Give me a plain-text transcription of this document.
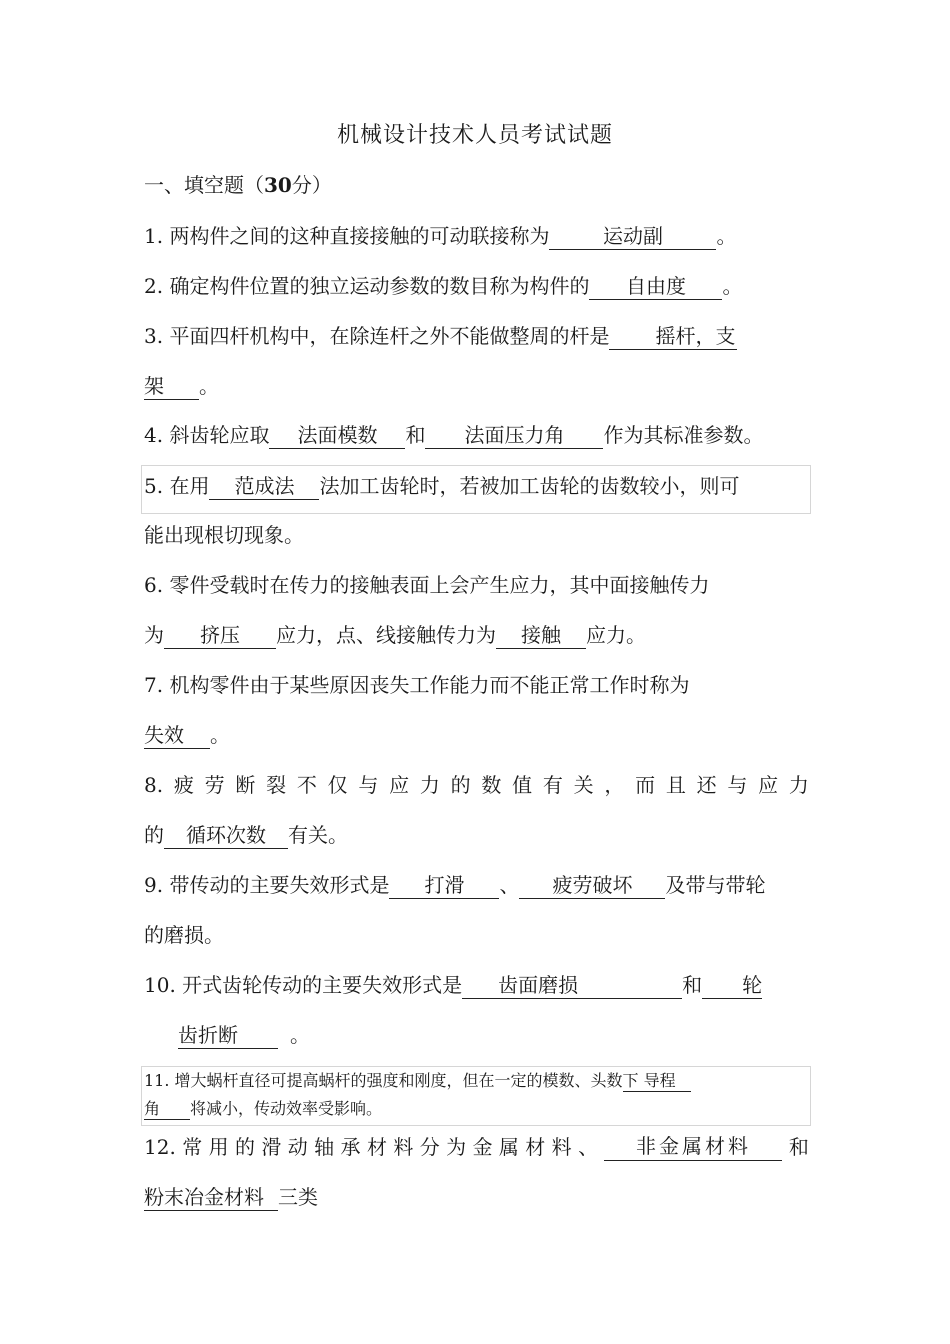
机械设计技术人员考试试题
一、填空题（30分）
1. 两构件之间的这种直接接触的可动联接称为	运动副	。
2. 确定构件位置的独立运动参数的数目称为构件的 自由度 。
3. 平面四杆机构中，在除连杆之外不能做整周的杆是 摇杆，支
架 。
4. 斜齿轮应取 法面模数 和 法面压力角 作为其标准参数。
5. 在用 范成法 法加工齿轮时，若被加工齿轮的齿数较小，则可
能出现根切现象。
6. 零件受载时在传力的接触表面上会产生应力，其中面接触传力
为 挤压 应力，点、线接触传力为 接触 应力。
7. 机构零件由于某些原因丧失工作能力而不能正常工作时称为
失效 。
8. 疲 劳 断 裂 不 仅 与 应 力 的 数 值 有 关 ， 而 且 还 与 应 力
的 循环次数 有关。
9. 带传动的主要失效形式是 打滑 、 疲劳破坏 及带与带轮
的磨损。
10. 开式齿轮传动的主要失效形式是 齿面磨损	和 轮
齿折断	。
11. 增大蜗杆直径可提高蜗杆的强度和刚度，但在一定的模数、头数下 导程
角 将减小，传动效率受影响。
12. 常 用 的 滑 动 轴 承 材 料 分 为 金 属 材 料 、	非金属材料	和
粉末冶金材料 三类
